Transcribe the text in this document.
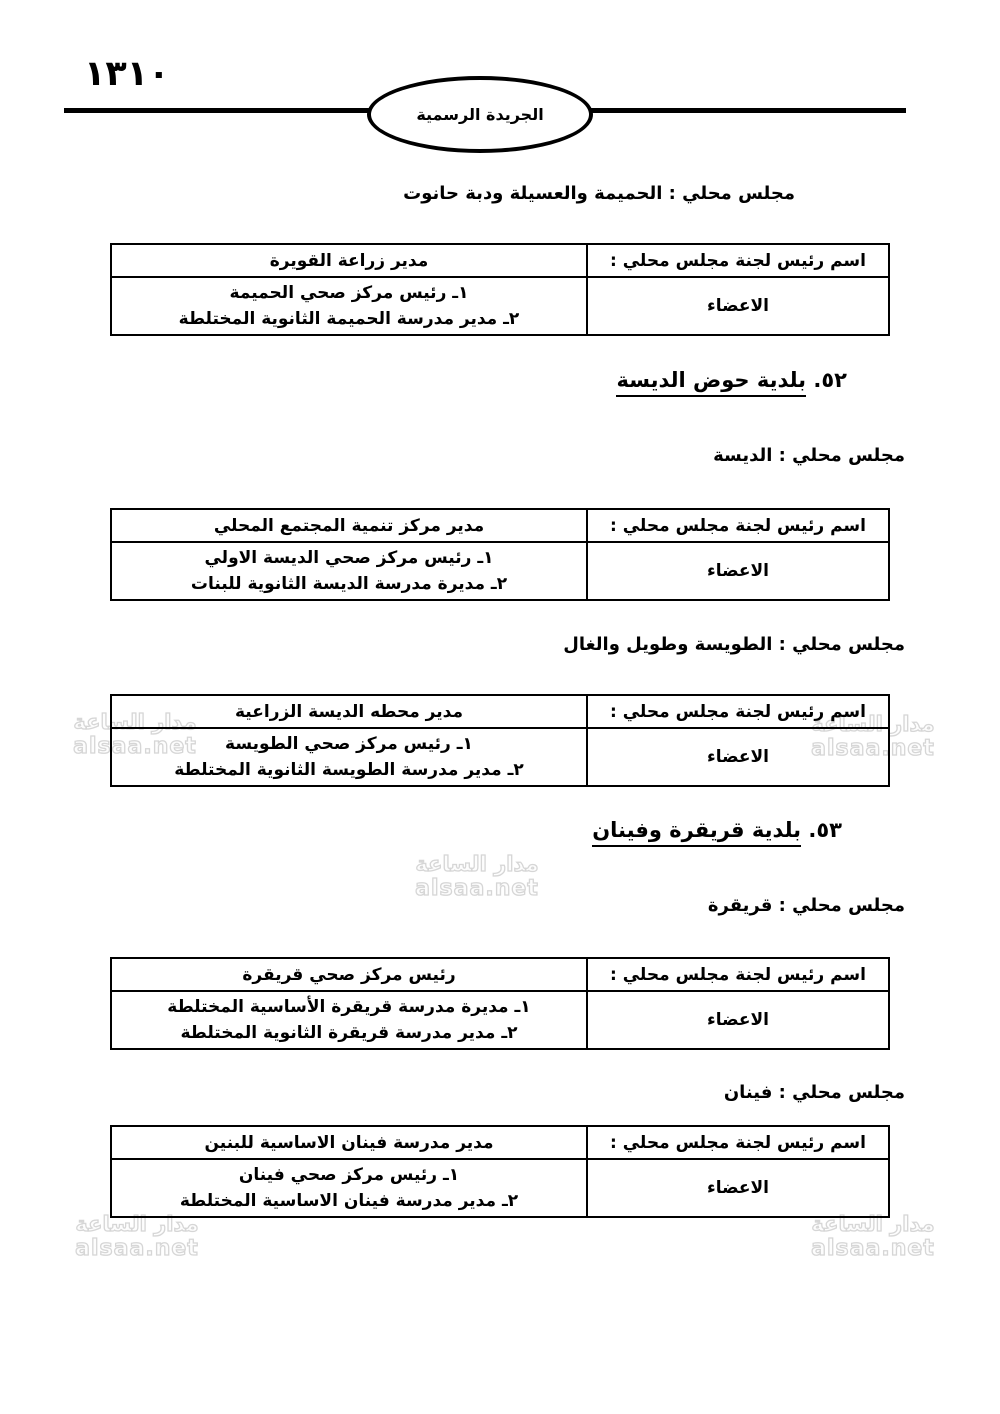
١٣١٠
الجريدة الرسمية
مدار الساعة
alsaa.net
مدار الساعة
alsaa.net
مدار الساعة
alsaa.net
مدار الساعة
alsaa.net
مدار الساعة
alsaa.net
مجلس محلي : الحميمة والعسيلة ودبة حانوت
اسم رئيس لجنة مجلس محلي :	مدير زراعة القويرة
الاعضاء	١ـ رئيس مركز صحي الحميمة
٢ـ مدير مدرسة الحميمة الثانوية المختلطة
٥٢. بلدية حوض الديسة
مجلس محلي : الديسة
اسم رئيس لجنة مجلس محلي :	مدير مركز تنمية المجتمع المحلي
الاعضاء	١ـ رئيس مركز صحي الديسة الاولي
٢ـ مديرة مدرسة الديسة الثانوية للبنات
مجلس محلي : الطويسة وطويل والغال
اسم رئيس لجنة مجلس محلي :	مدير محطه الديسة الزراعية
الاعضاء	١ـ رئيس مركز صحي الطويسة
٢ـ مدير مدرسة الطويسة الثانوية المختلطة
٥٣. بلدية قريقرة وفينان
مجلس محلي : قريقرة
اسم رئيس لجنة مجلس محلي :	رئيس مركز صحي قريقرة
الاعضاء	١ـ مديرة مدرسة قريقرة الأساسية المختلطة
٢ـ مدير مدرسة قريقرة الثانوية المختلطة
مجلس محلي : فينان
اسم رئيس لجنة مجلس محلي :	مدير مدرسة فينان الاساسية للبنين
الاعضاء	١ـ رئيس مركز صحي فينان
٢ـ مدير مدرسة فينان الاساسية المختلطة
